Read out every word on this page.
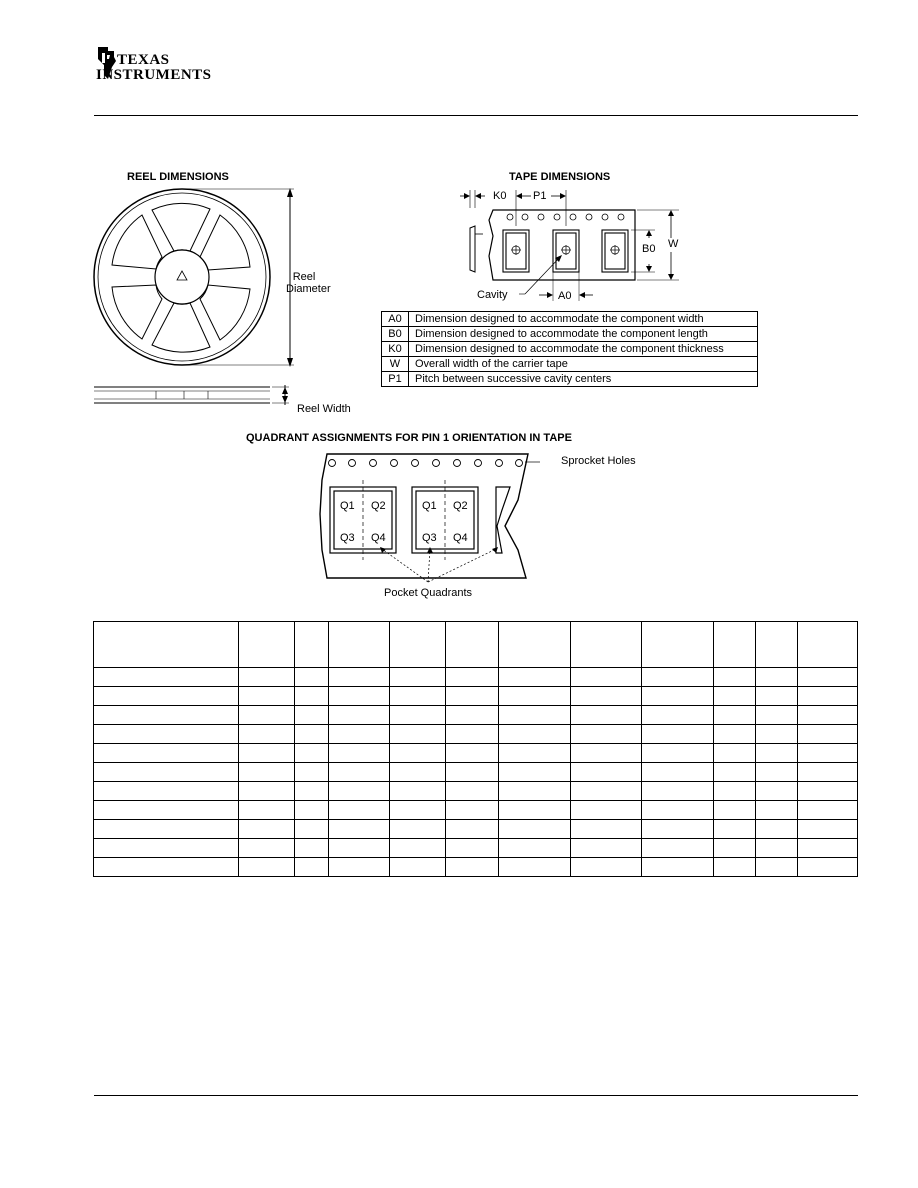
TEXAS
INSTRUMENTS
REEL DIMENSIONS
Reel
Diameter
Reel Width
TAPE DIMENSIONS
K0 P1
B0 W
Cavity	A0
A0	Dimension designed to accommodate the component width
B0	Dimension designed to accommodate the component length
K0	Dimension designed to accommodate the component thickness
W	Overall width of the carrier tape
P1	Pitch between successive cavity centers
QUADRANT ASSIGNMENTS FOR PIN 1 ORIENTATION IN TAPE
Sprocket Holes
Pocket Quadrants
Q1 Q2
Q3 Q4
Q1 Q2
Q3 Q4
